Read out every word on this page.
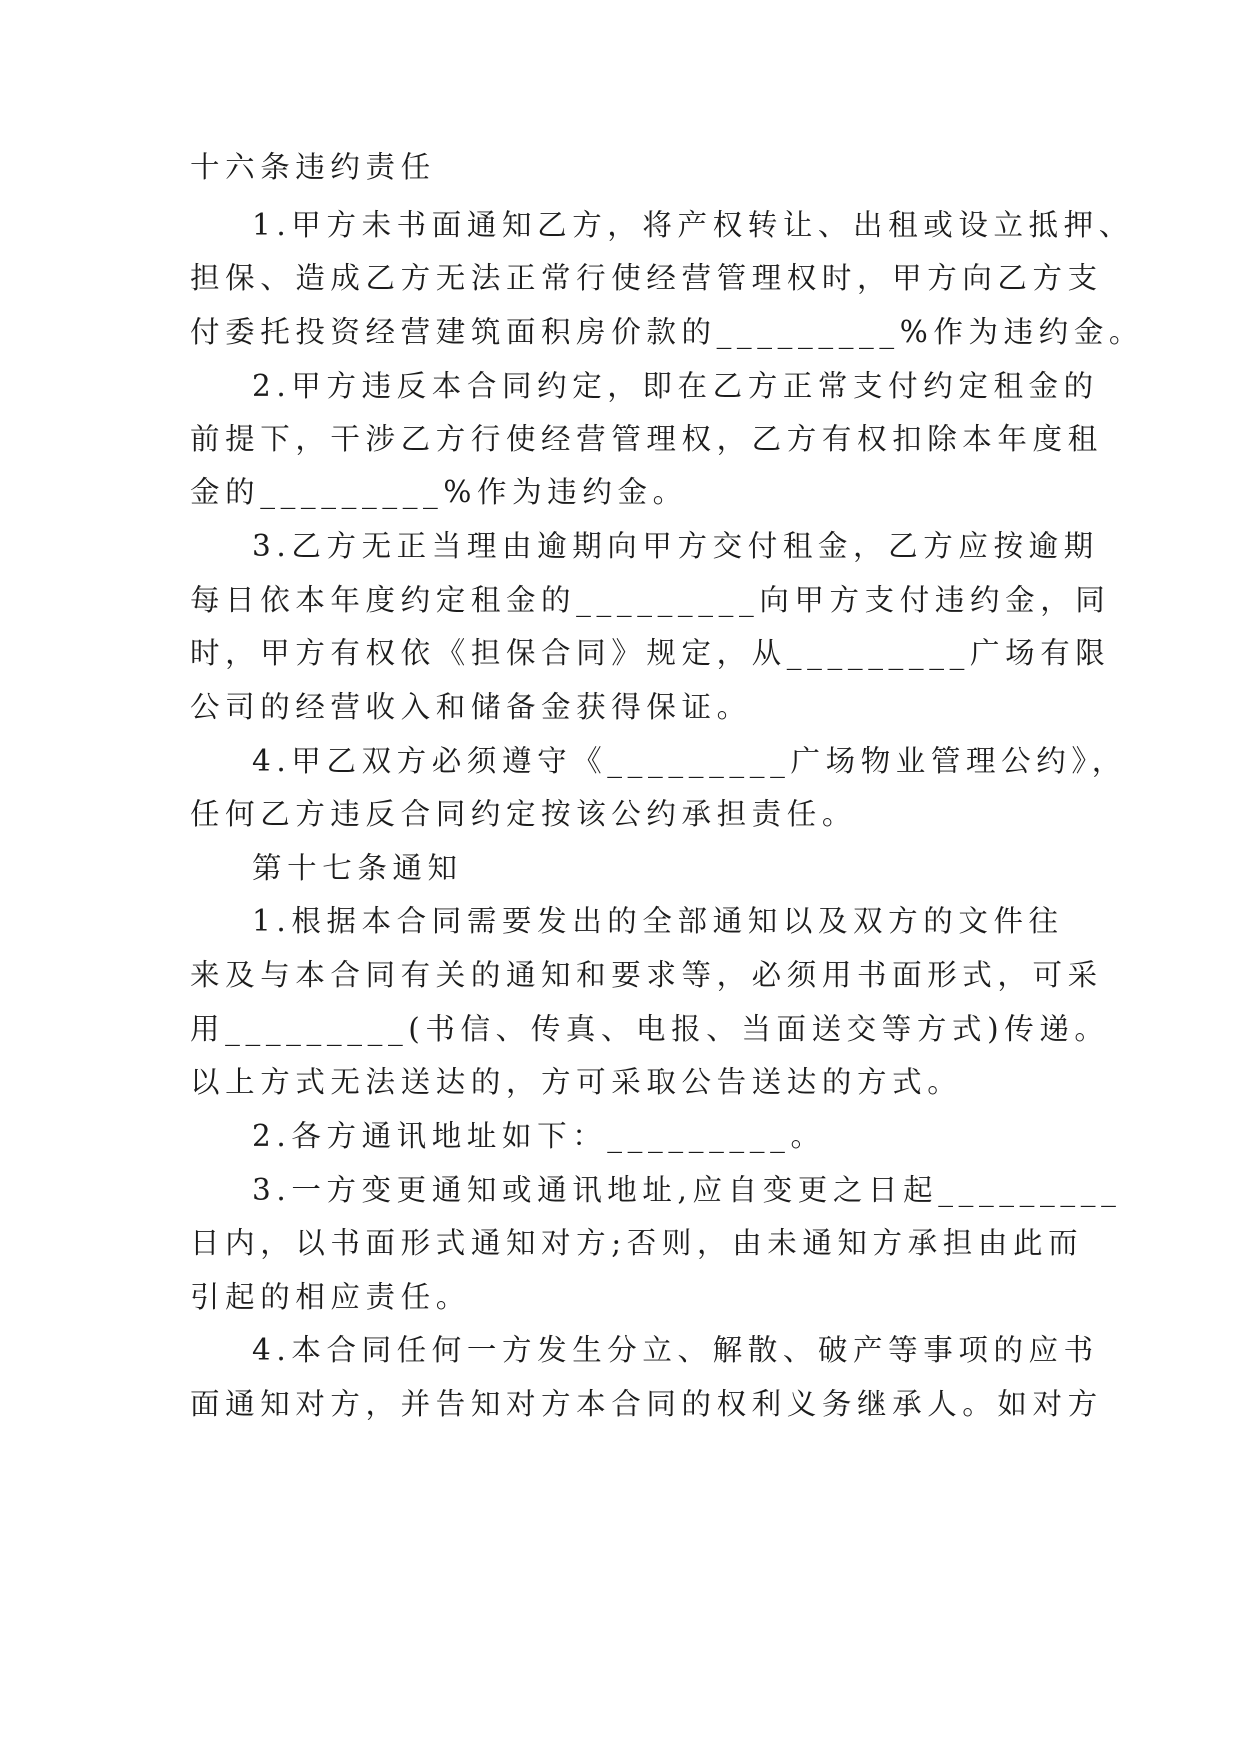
十六条违约责任

1.甲方未书面通知乙方，将产权转让、出租或设立抵押、

担保、造成乙方无法正常行使经营管理权时，甲方向乙方支

付委托投资经营建筑面积房价款的_________%作为违约金。

2.甲方违反本合同约定，即在乙方正常支付约定租金的

前提下，干涉乙方行使经营管理权，乙方有权扣除本年度租

金的_________%作为违约金。

3.乙方无正当理由逾期向甲方交付租金，乙方应按逾期

每日依本年度约定租金的_________向甲方支付违约金，同

时，甲方有权依《担保合同》规定，从_________广场有限

公司的经营收入和储备金获得保证。

4.甲乙双方必须遵守《_________广场物业管理公约》，

任何乙方违反合同约定按该公约承担责任。

第十七条通知

1.根据本合同需要发出的全部通知以及双方的文件往

来及与本合同有关的通知和要求等，必须用书面形式，可采

用_________(书信、传真、电报、当面送交等方式)传递。

以上方式无法送达的，方可采取公告送达的方式。

2.各方通讯地址如下：_________。

3.一方变更通知或通讯地址,应自变更之日起_________

日内，以书面形式通知对方;否则，由未通知方承担由此而

引起的相应责任。

4.本合同任何一方发生分立、解散、破产等事项的应书

面通知对方，并告知对方本合同的权利义务继承人。如对方
